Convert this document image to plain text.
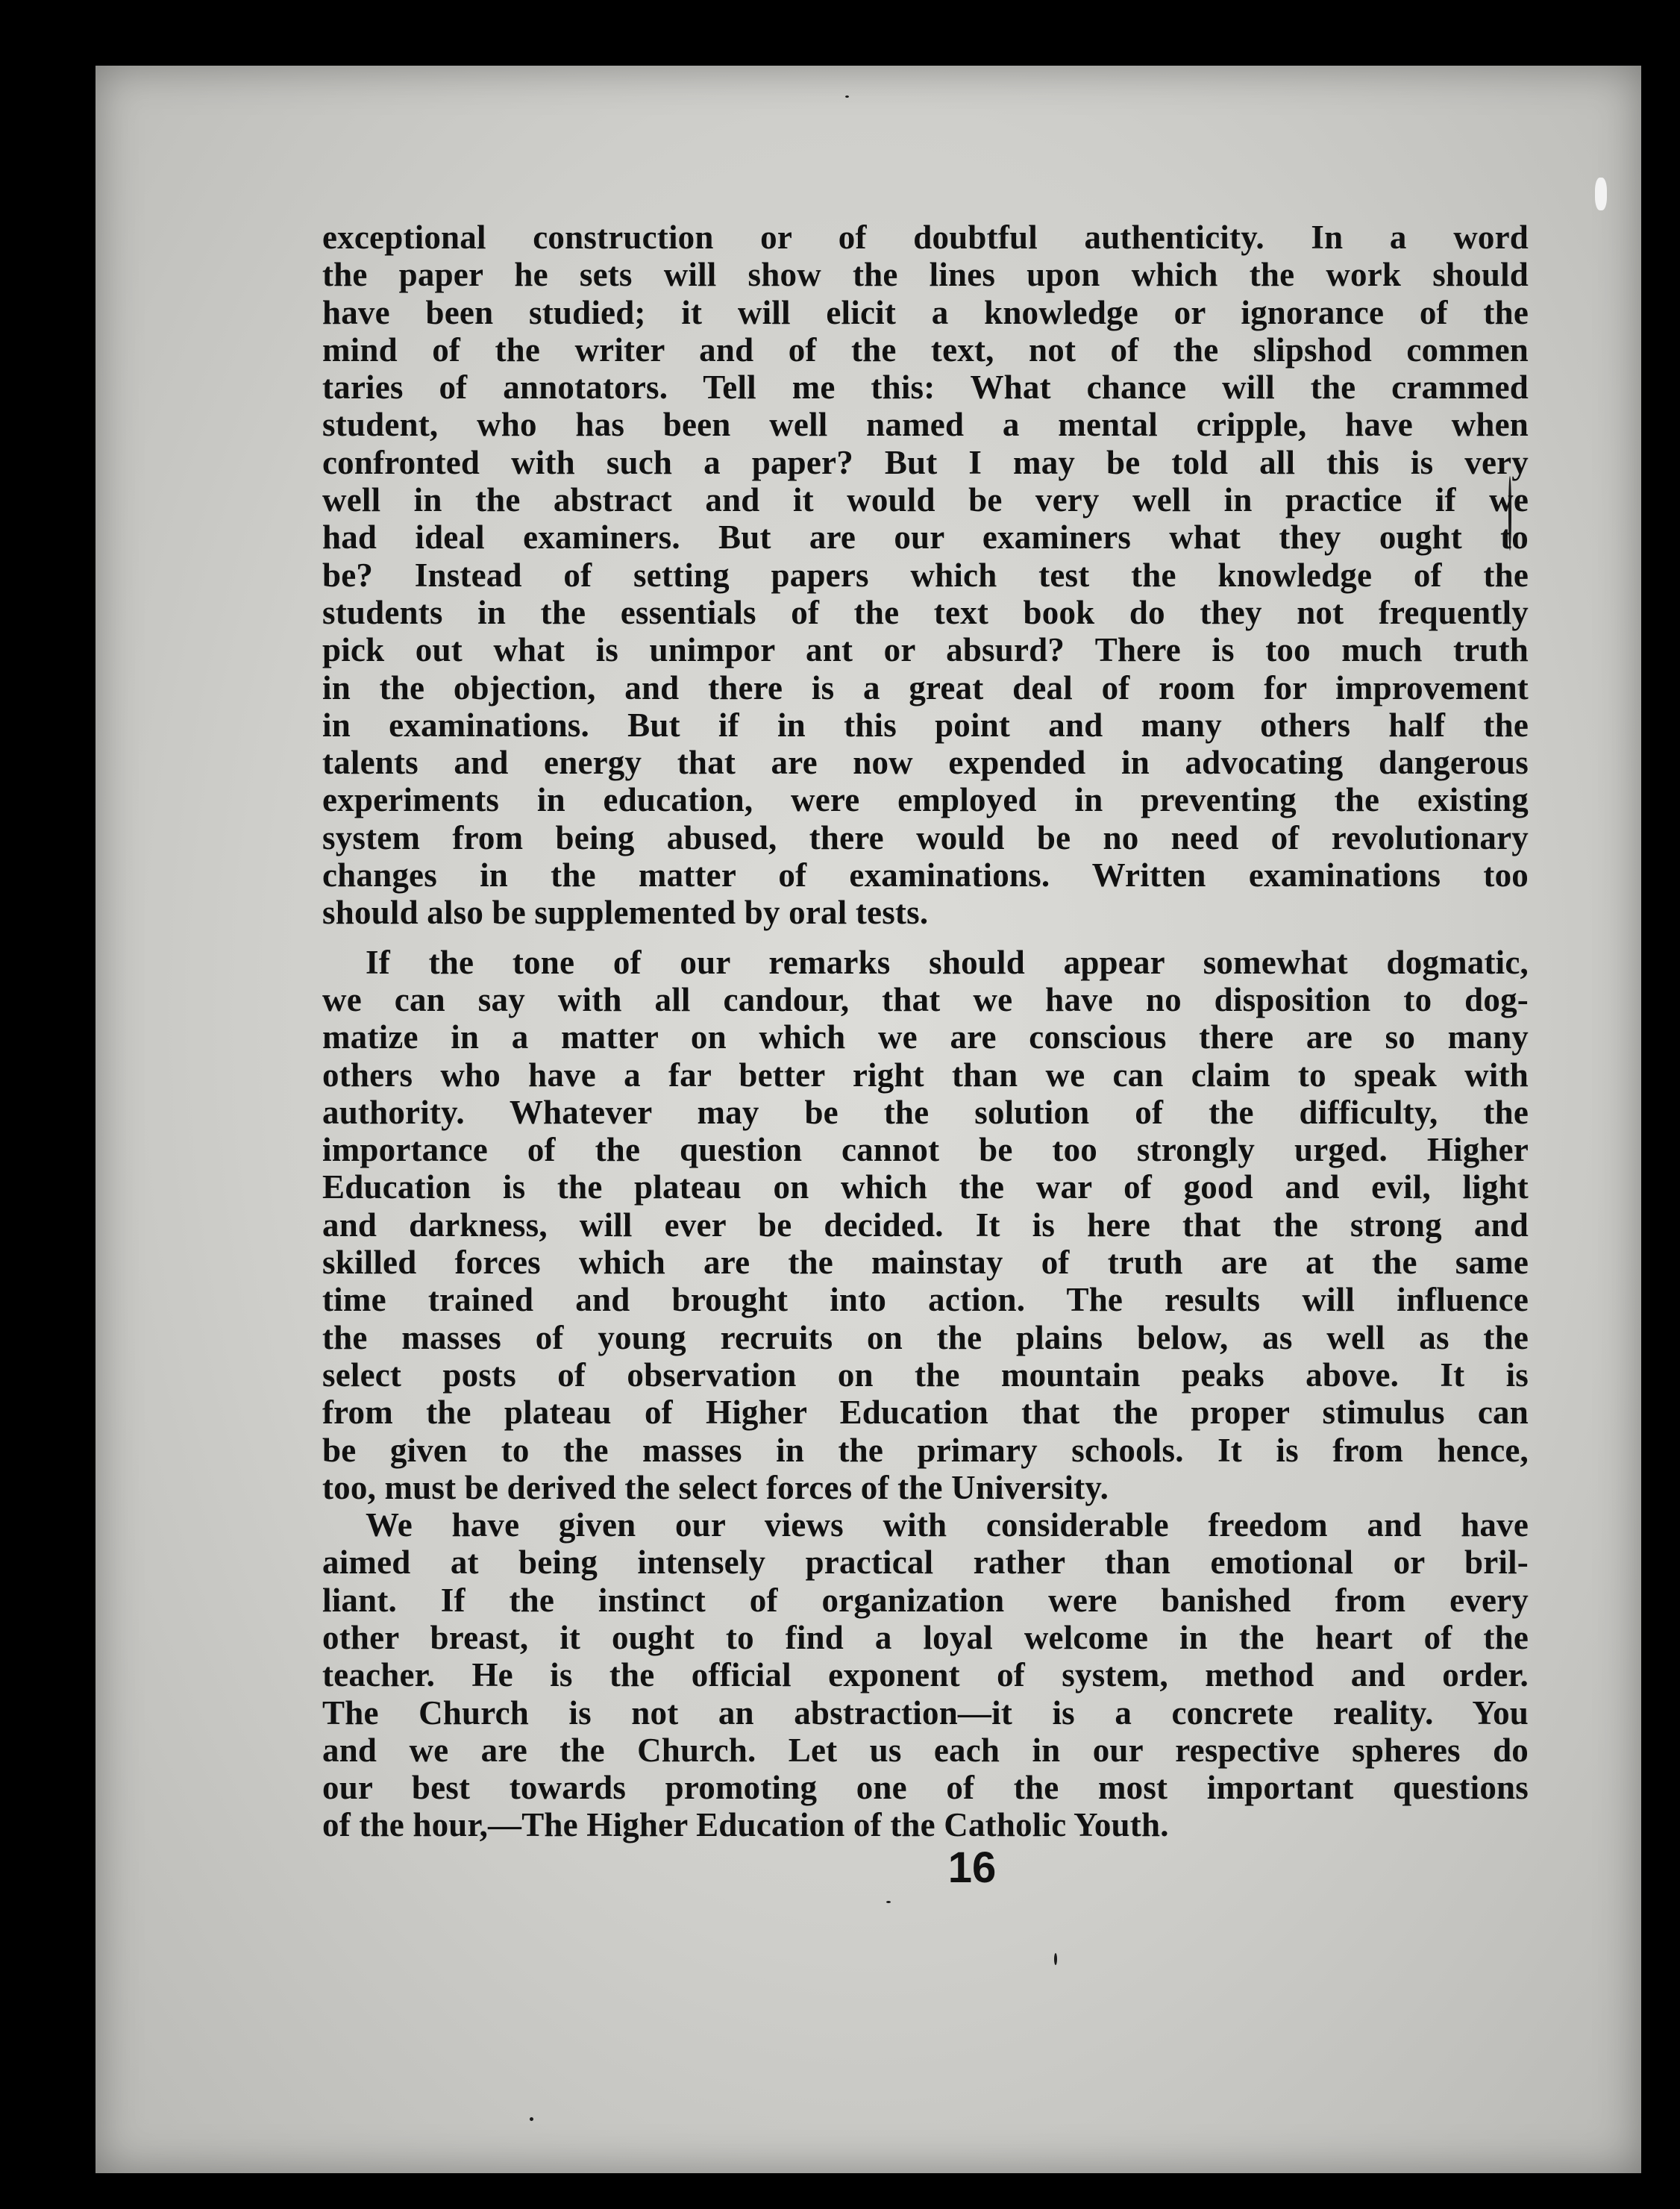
exceptional construction or of doubtful authenticity. In a word
the paper he sets will show the lines upon which the work should
have been studied; it will elicit a knowledge or ignorance of the
mind of the writer and of the text, not of the slipshod commen
taries of annotators. Tell me this: What chance will the crammed
student, who has been well named a mental cripple, have when
confronted with such a paper? But I may be told all this is very
well in the abstract and it would be very well in practice if we
had ideal examiners. But are our examiners what they ought to
be? Instead of setting papers which test the knowledge of the
students in the essentials of the text book do they not frequently
pick out what is unimpor ant or absurd? There is too much truth
in the objection, and there is a great deal of room for improvement
in examinations. But if in this point and many others half the
talents and energy that are now expended in advocating dangerous
experiments in education, were employed in preventing the existing
system from being abused, there would be no need of revolutionary
changes in the matter of examinations. Written examinations too
should also be supplemented by oral tests.
If the tone of our remarks should appear somewhat dogmatic,
we can say with all candour, that we have no disposition to dog-
matize in a matter on which we are conscious there are so many
others who have a far better right than we can claim to speak with
authority. Whatever may be the solution of the difficulty, the
importance of the question cannot be too strongly urged. Higher
Education is the plateau on which the war of good and evil, light
and darkness, will ever be decided. It is here that the strong and
skilled forces which are the mainstay of truth are at the same
time trained and brought into action. The results will influence
the masses of young recruits on the plains below, as well as the
select posts of observation on the mountain peaks above. It is
from the plateau of Higher Education that the proper stimulus can
be given to the masses in the primary schools. It is from hence,
too, must be derived the select forces of the University.
We have given our views with considerable freedom and have
aimed at being intensely practical rather than emotional or bril-
liant. If the instinct of organization were banished from every
other breast, it ought to find a loyal welcome in the heart of the
teacher. He is the official exponent of system, method and order.
The Church is not an abstraction—it is a concrete reality. You
and we are the Church. Let us each in our respective spheres do
our best towards promoting one of the most important questions
of the hour,—The Higher Education of the Catholic Youth.
16
